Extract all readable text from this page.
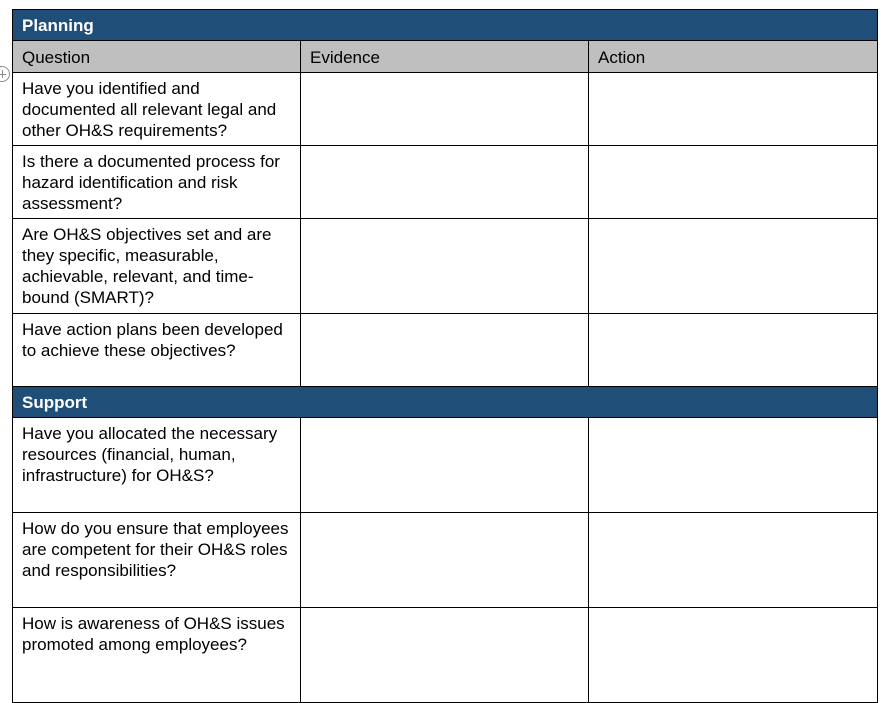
Planning		
Question	Evidence	Action
Have you identified and documented all relevant legal and other OH&S requirements?		
Is there a documented process for hazard identification and risk assessment?		
Are OH&S objectives set and are they specific, measurable, achievable, relevant, and time-bound (SMART)?		
Have action plans been developed to achieve these objectives?		
Support		
Have you allocated the necessary resources (financial, human, infrastructure) for OH&S?		
How do you ensure that employees are competent for their OH&S roles and responsibilities?		
How is awareness of OH&S issues promoted among employees?		
